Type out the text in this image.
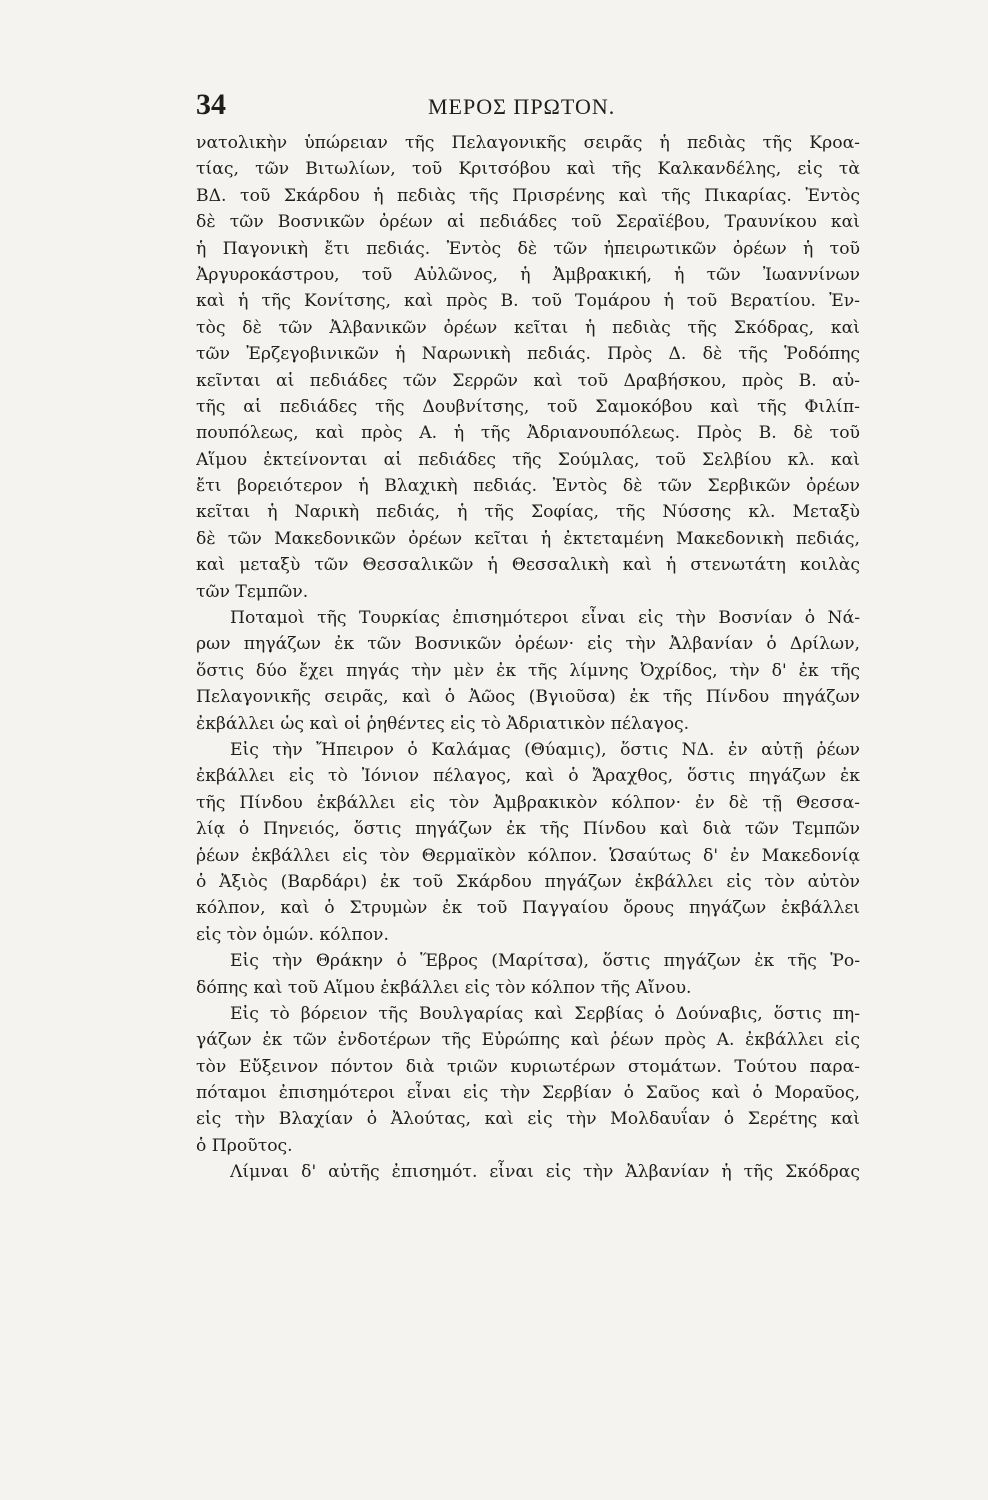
34	ΜΕΡΟΣ ΠΡΩΤΟΝ.
νατολικὴν ὑπώρειαν τῆς Πελαγονικῆς σειρᾶς ἡ πεδιὰς τῆς Κροα-
τίας, τῶν Βιτωλίων, τοῦ Κριτσόβου καὶ τῆς Καλκανδέλης, εἰς τὰ
ΒΔ. τοῦ Σκάρδου ἡ πεδιὰς τῆς Πρισρένης καὶ τῆς Πικαρίας. Ἐντὸς
δὲ τῶν Βοσνικῶν ὀρέων αἱ πεδιάδες τοῦ Σεραϊέβου, Τραυνίκου καὶ
ἡ Παγονικὴ ἔτι πεδιάς. Ἐντὸς δὲ τῶν ἠπειρωτικῶν ὀρέων ἡ τοῦ
Ἀργυροκάστρου, τοῦ Αὐλῶνος, ἡ Ἀμβρακική, ἡ τῶν Ἰωαννίνων
καὶ ἡ τῆς Κονίτσης, καὶ πρὸς Β. τοῦ Τομάρου ἡ τοῦ Βερατίου. Ἐν-
τὸς δὲ τῶν Ἀλβανικῶν ὀρέων κεῖται ἡ πεδιὰς τῆς Σκόδρας, καὶ
τῶν Ἐρζεγοβινικῶν ἡ Ναρωνικὴ πεδιάς. Πρὸς Δ. δὲ τῆς Ῥοδόπης
κεῖνται αἱ πεδιάδες τῶν Σερρῶν καὶ τοῦ Δραβήσκου, πρὸς Β. αὐ-
τῆς αἱ πεδιάδες τῆς Δουβνίτσης, τοῦ Σαμοκόβου καὶ τῆς Φιλίπ-
πουπόλεως, καὶ πρὸς Α. ἡ τῆς Ἀδριανουπόλεως. Πρὸς Β. δὲ τοῦ
Αἵμου ἐκτείνονται αἱ πεδιάδες τῆς Σούμλας, τοῦ Σελβίου κλ. καὶ
ἔτι βορειότερον ἡ Βλαχικὴ πεδιάς. Ἐντὸς δὲ τῶν Σερβικῶν ὀρέων
κεῖται ἡ Ναρικὴ πεδιάς, ἡ τῆς Σοφίας, τῆς Νύσσης κλ. Μεταξὺ
δὲ τῶν Μακεδονικῶν ὀρέων κεῖται ἡ ἐκτεταμένη Μακεδονικὴ πεδιάς,
καὶ μεταξὺ τῶν Θεσσαλικῶν ἡ Θεσσαλικὴ καὶ ἡ στενωτάτη κοιλὰς
τῶν Τεμπῶν.
Ποταμοὶ τῆς Τουρκίας ἐπισημότεροι εἶναι εἰς τὴν Βοσνίαν ὁ Νά-
ρων πηγάζων ἐκ τῶν Βοσνικῶν ὀρέων· εἰς τὴν Ἀλβανίαν ὁ Δρίλων,
ὅστις δύο ἔχει πηγάς τὴν μὲν ἐκ τῆς λίμνης Ὀχρίδος, τὴν δ' ἐκ τῆς
Πελαγονικῆς σειρᾶς, καὶ ὁ Ἀῶος (Βγιοῦσα) ἐκ τῆς Πίνδου πηγάζων
ἐκβάλλει ὡς καὶ οἱ ῥηθέντες εἰς τὸ Ἀδριατικὸν πέλαγος.
Εἰς τὴν Ἤπειρον ὁ Καλάμας (Θύαμις), ὅστις ΝΔ. ἐν αὐτῇ ῥέων
ἐκβάλλει εἰς τὸ Ἰόνιον πέλαγος, καὶ ὁ Ἄραχθος, ὅστις πηγάζων ἐκ
τῆς Πίνδου ἐκβάλλει εἰς τὸν Ἀμβρακικὸν κόλπον· ἐν δὲ τῇ Θεσσα-
λίᾳ ὁ Πηνειός, ὅστις πηγάζων ἐκ τῆς Πίνδου καὶ διὰ τῶν Τεμπῶν
ῥέων ἐκβάλλει εἰς τὸν Θερμαϊκὸν κόλπον. Ὡσαύτως δ' ἐν Μακεδονίᾳ
ὁ Ἀξιὸς (Βαρδάρι) ἐκ τοῦ Σκάρδου πηγάζων ἐκβάλλει εἰς τὸν αὐτὸν
κόλπον, καὶ ὁ Στρυμὼν ἐκ τοῦ Παγγαίου ὄρους πηγάζων ἐκβάλλει
εἰς τὸν ὁμών. κόλπον.
Εἰς τὴν Θράκην ὁ Ἕβρος (Μαρίτσα), ὅστις πηγάζων ἐκ τῆς Ῥο-
δόπης καὶ τοῦ Αἵμου ἐκβάλλει εἰς τὸν κόλπον τῆς Αἴνου.
Εἰς τὸ βόρειον τῆς Βουλγαρίας καὶ Σερβίας ὁ Δούναβις, ὅστις πη-
γάζων ἐκ τῶν ἐνδοτέρων τῆς Εὐρώπης καὶ ῥέων πρὸς Α. ἐκβάλλει εἰς
τὸν Εὔξεινον πόντον διὰ τριῶν κυριωτέρων στομάτων. Τούτου παρα-
πόταμοι ἐπισημότεροι εἶναι εἰς τὴν Σερβίαν ὁ Σαῦος καὶ ὁ Μοραῦος,
εἰς τὴν Βλαχίαν ὁ Ἀλούτας, καὶ εἰς τὴν Μολδαυΐαν ὁ Σερέτης καὶ
ὁ Προῦτος.
Λίμναι δ' αὐτῆς ἐπισημότ. εἶναι εἰς τὴν Ἀλβανίαν ἡ τῆς Σκόδρας
